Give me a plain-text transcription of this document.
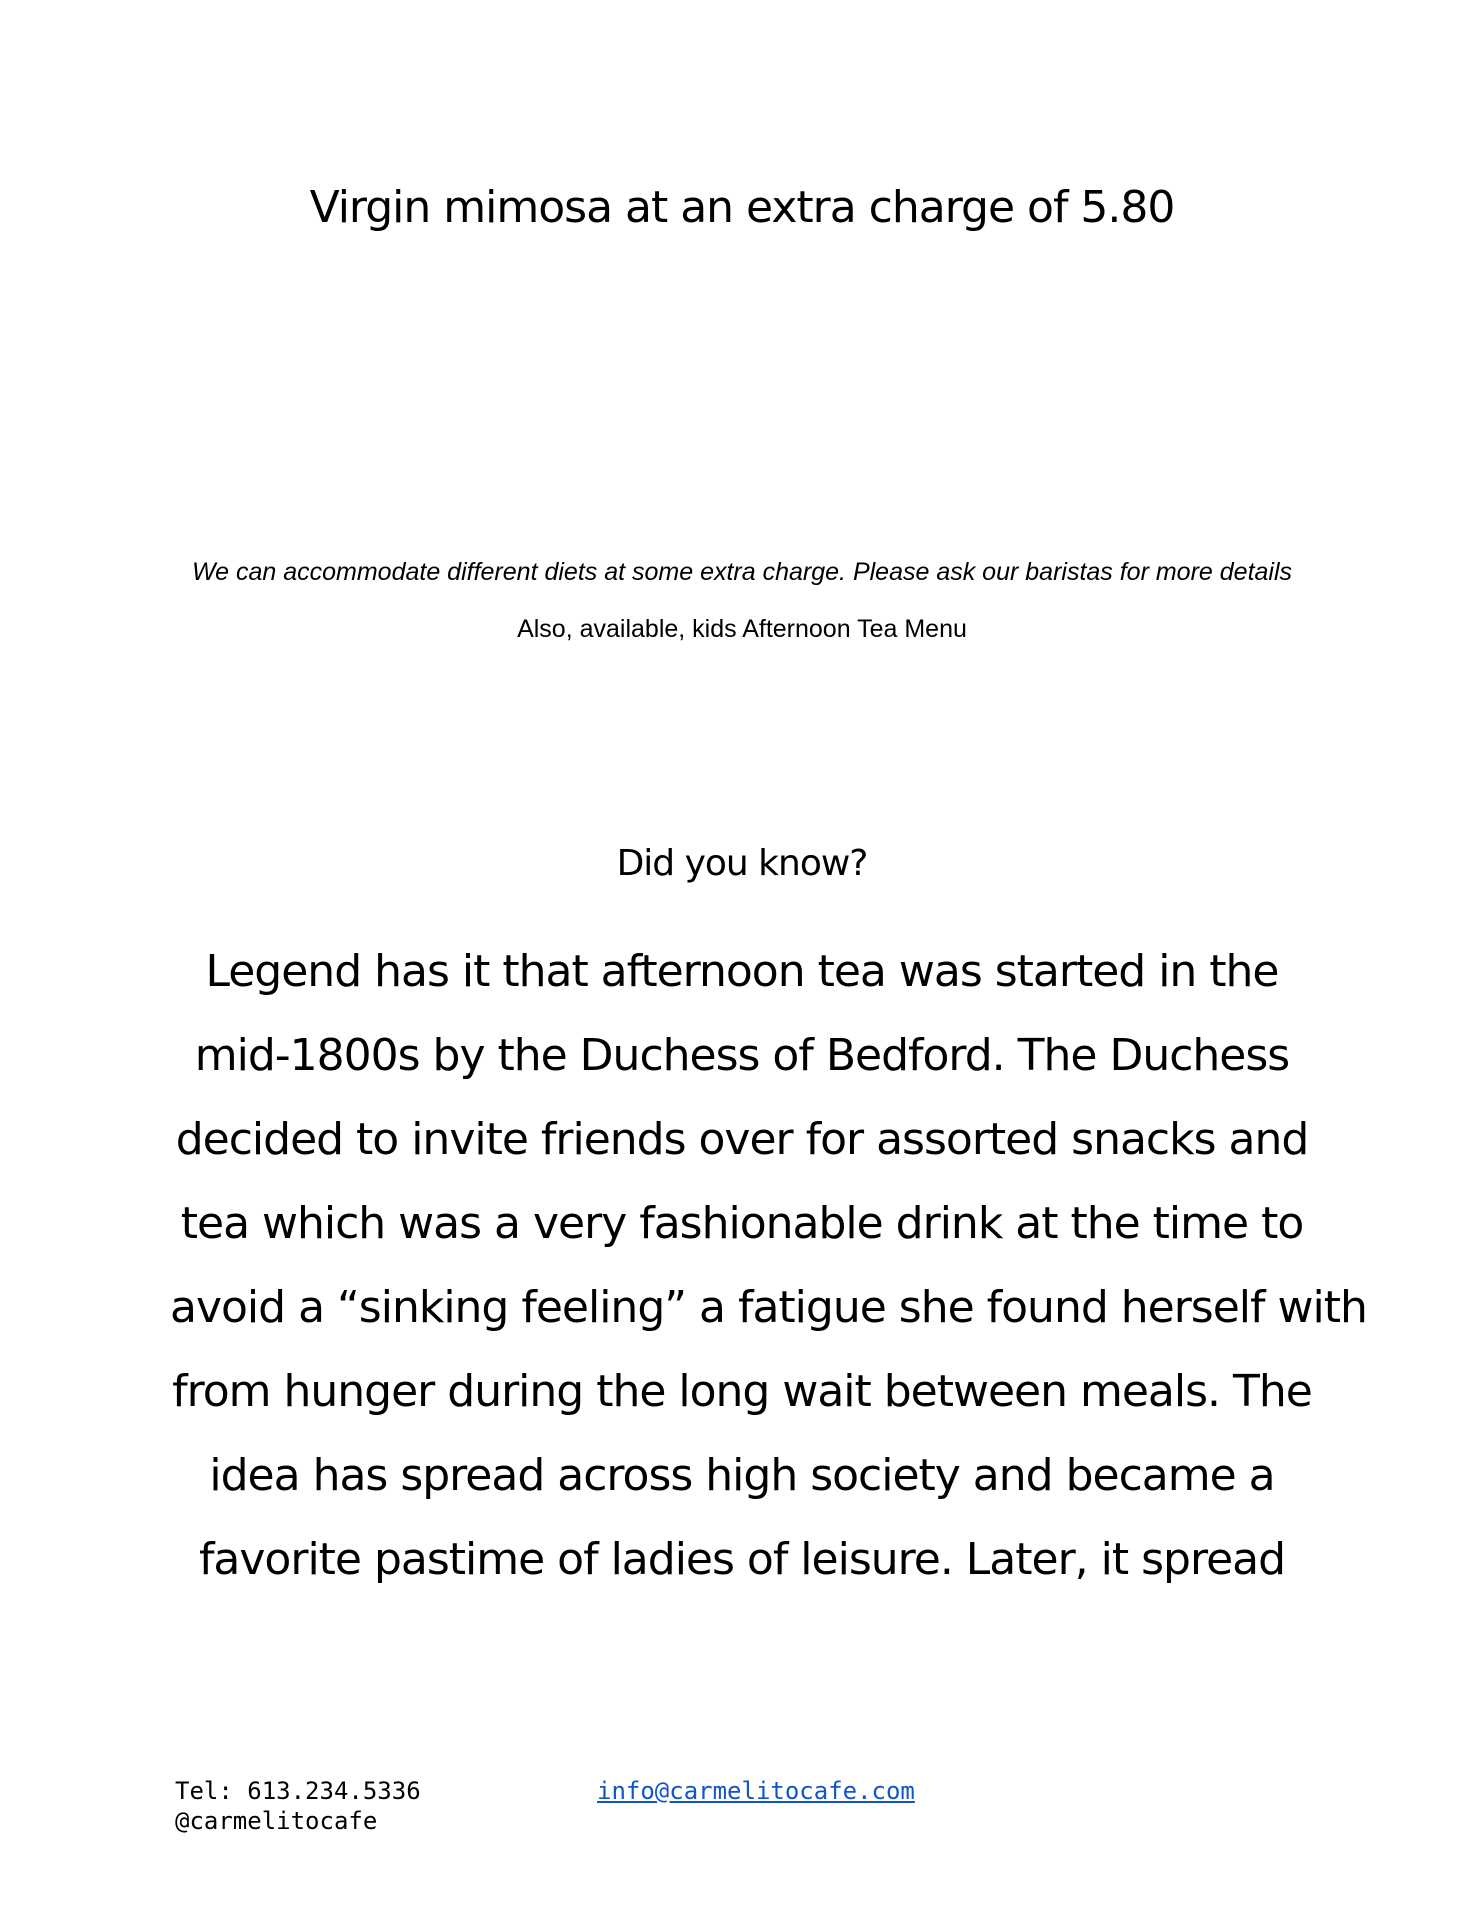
Virgin mimosa at an extra charge of 5.80
We can accommodate different diets at some extra charge. Please ask our baristas for more details
Also, available, kids Afternoon Tea Menu
Did you know?
Legend has it that afternoon tea was started in the
mid-1800s by the Duchess of Bedford. The Duchess
decided to invite friends over for assorted snacks and
tea which was a very fashionable drink at the time to
avoid a “sinking feeling” a fatigue she found herself with
from hunger during the long wait between meals. The
idea has spread across high society and became a
favorite pastime of ladies of leisure. Later, it spread
Tel: 613.234.5336
@carmelitocafe
info@carmelitocafe.com
